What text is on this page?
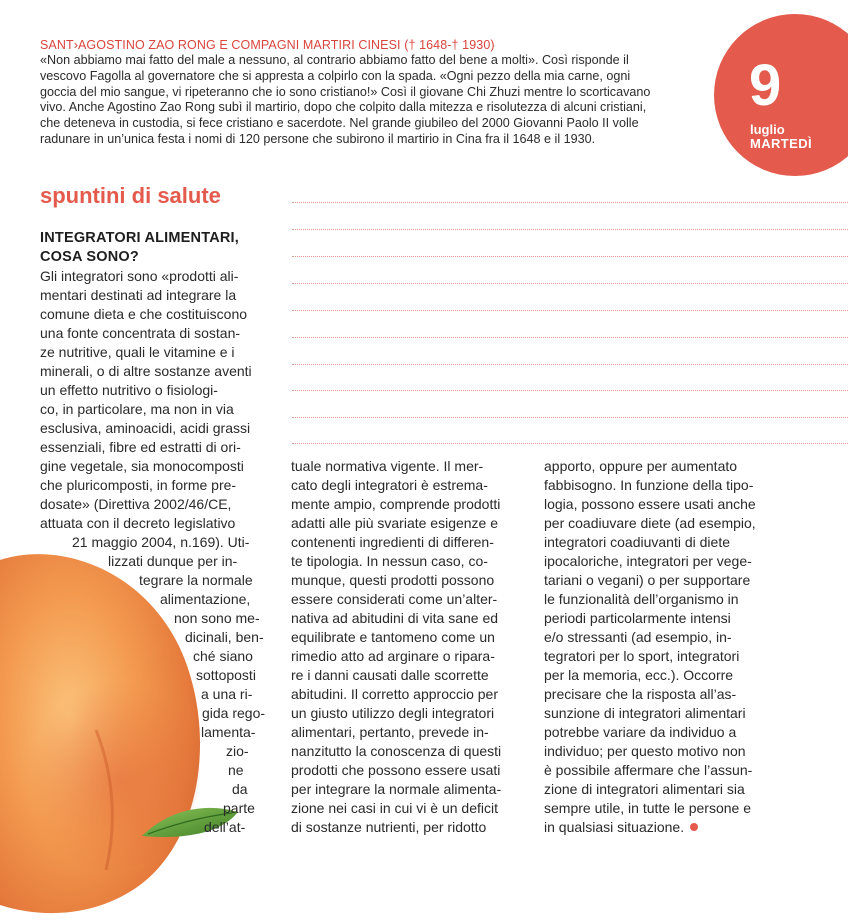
SANT›AGOSTINO ZAO RONG E COMPAGNI MARTIRI CINESI († 1648-† 1930)
«Non abbiamo mai fatto del male a nessuno, al contrario abbiamo fatto del bene a molti». Così risponde il
vescovo Fagolla al governatore che si appresta a colpirlo con la spada. «Ogni pezzo della mia carne, ogni
goccia del mio sangue, vi ripeteranno che io sono cristiano!» Così il giovane Chi Zhuzi mentre lo scorticavano
vivo. Anche Agostino Zao Rong subì il martirio, dopo che colpito dalla mitezza e risolutezza di alcuni cristiani,
che deteneva in custodia, si fece cristiano e sacerdote. Nel grande giubileo del 2000 Giovanni Paolo II volle
radunare in un’unica festa i nomi di 120 persone che subirono il martirio in Cina fra il 1648 e il 1930.
9
luglio
MARTEDÌ
spuntini di salute
INTEGRATORI ALIMENTARI,
COSA SONO?
Gli integratori sono «prodotti ali-
mentari destinati ad integrare la
comune dieta e che costituiscono
una fonte concentrata di sostan-
ze nutritive, quali le vitamine e i
minerali, o di altre sostanze aventi
un effetto nutritivo o fisiologi-
co, in particolare, ma non in via
esclusiva, aminoacidi, acidi grassi
essenziali, fibre ed estratti di ori-
gine vegetale, sia monocomposti
che pluricomposti, in forme pre-
dosate» (Direttiva 2002/46/CE,
attuata con il decreto legislativo
21 maggio 2004, n.169). Uti-
lizzati dunque per in-
tegrare la normale
alimentazione,
non sono me-
dicinali, ben-
ché siano
sottoposti
a una ri-
gida rego-
lamenta-
zio-
ne
da
parte
dell’at-
tuale normativa vigente. Il mer-
cato degli integratori è estrema-
mente ampio, comprende prodotti
adatti alle più svariate esigenze e
contenenti ingredienti di differen-
te tipologia. In nessun caso, co-
munque, questi prodotti possono
essere considerati come un’alter-
nativa ad abitudini di vita sane ed
equilibrate e tantomeno come un
rimedio atto ad arginare o ripara-
re i danni causati dalle scorrette
abitudini. Il corretto approccio per
un giusto utilizzo degli integratori
alimentari, pertanto, prevede in-
nanzitutto la conoscenza di questi
prodotti che possono essere usati
per integrare la normale alimenta-
zione nei casi in cui vi è un deficit
di sostanze nutrienti, per ridotto
apporto, oppure per aumentato
fabbisogno. In funzione della tipo-
logia, possono essere usati anche
per coadiuvare diete (ad esempio,
integratori coadiuvanti di diete
ipocaloriche, integratori per vege-
tariani o vegani) o per supportare
le funzionalità dell’organismo in
periodi particolarmente intensi
e/o stressanti (ad esempio, in-
tegratori per lo sport, integratori
per la memoria, ecc.). Occorre
precisare che la risposta all’as-
sunzione di integratori alimentari
potrebbe variare da individuo a
individuo; per questo motivo non
è possibile affermare che l’assun-
zione di integratori alimentari sia
sempre utile, in tutte le persone e
in qualsiasi situazione.
